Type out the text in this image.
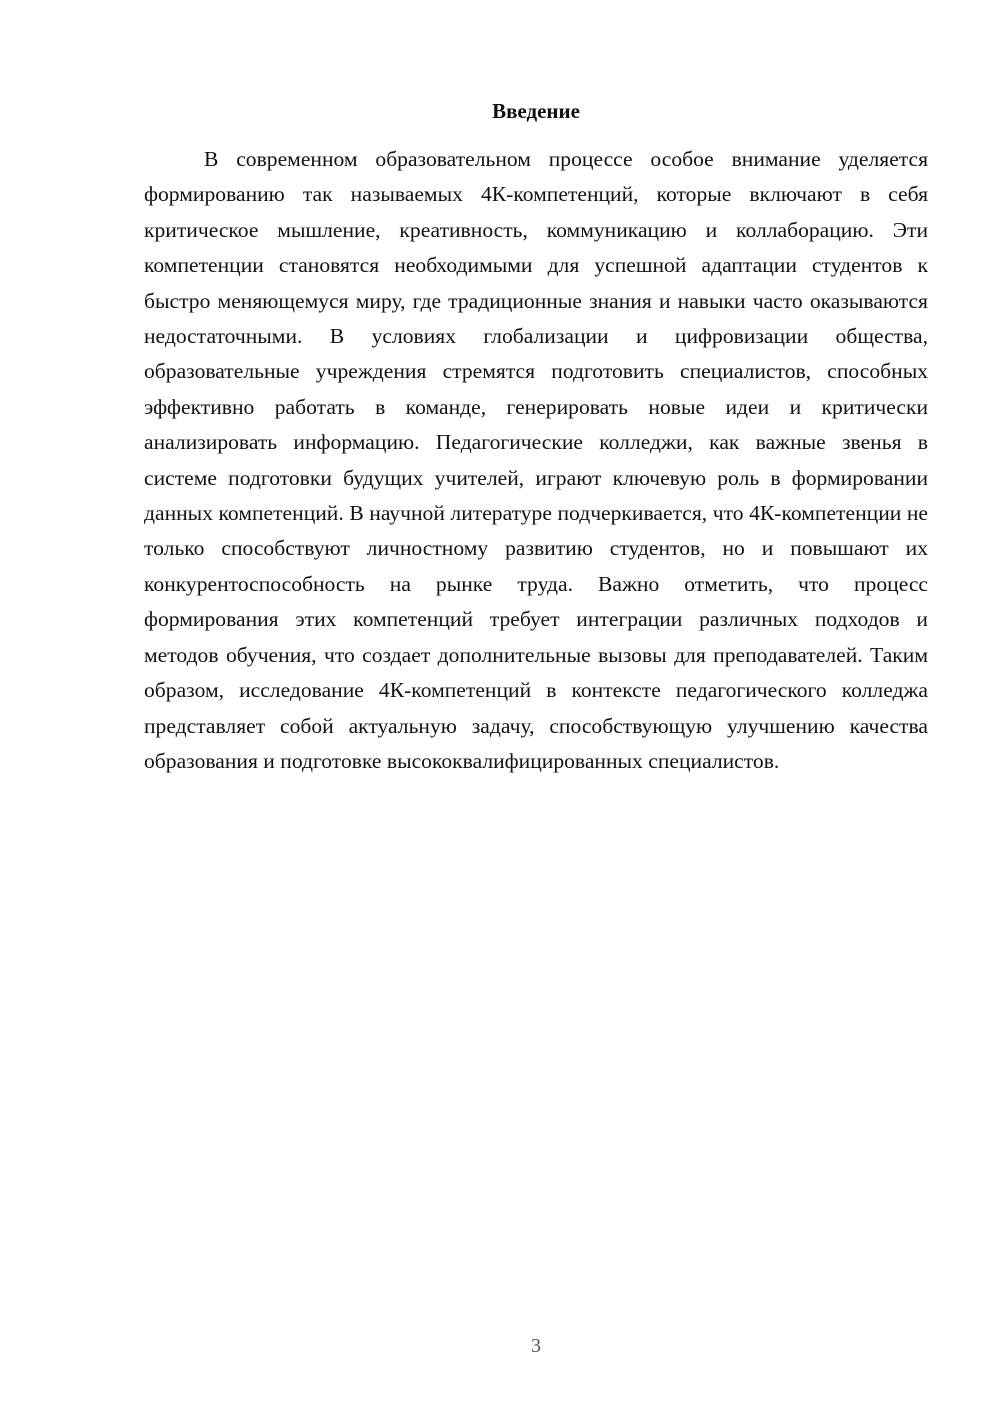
Введение

В современном образовательном процессе особое внимание уделяется формированию так называемых 4К-компетенций, которые включают в себя критическое мышление, креативность, коммуникацию и коллаборацию. Эти компетенции становятся необходимыми для успешной адаптации студентов к быстро меняющемуся миру, где традиционные знания и навыки часто оказываются недостаточными. В условиях глобализации и цифровизации общества, образовательные учреждения стремятся подготовить специалистов, способных эффективно работать в команде, генерировать новые идеи и критически анализировать информацию. Педагогические колледжи, как важные звенья в системе подготовки будущих учителей, играют ключевую роль в формировании данных компетенций. В научной литературе подчеркивается, что 4К-компетенции не только способствуют личностному развитию студентов, но и повышают их конкурентоспособность на рынке труда. Важно отметить, что процесс формирования этих компетенций требует интеграции различных подходов и методов обучения, что создает дополнительные вызовы для преподавателей. Таким образом, исследование 4К-компетенций в контексте педагогического колледжа представляет собой актуальную задачу, способствующую улучшению качества образования и подготовке высококвалифицированных специалистов.

3
